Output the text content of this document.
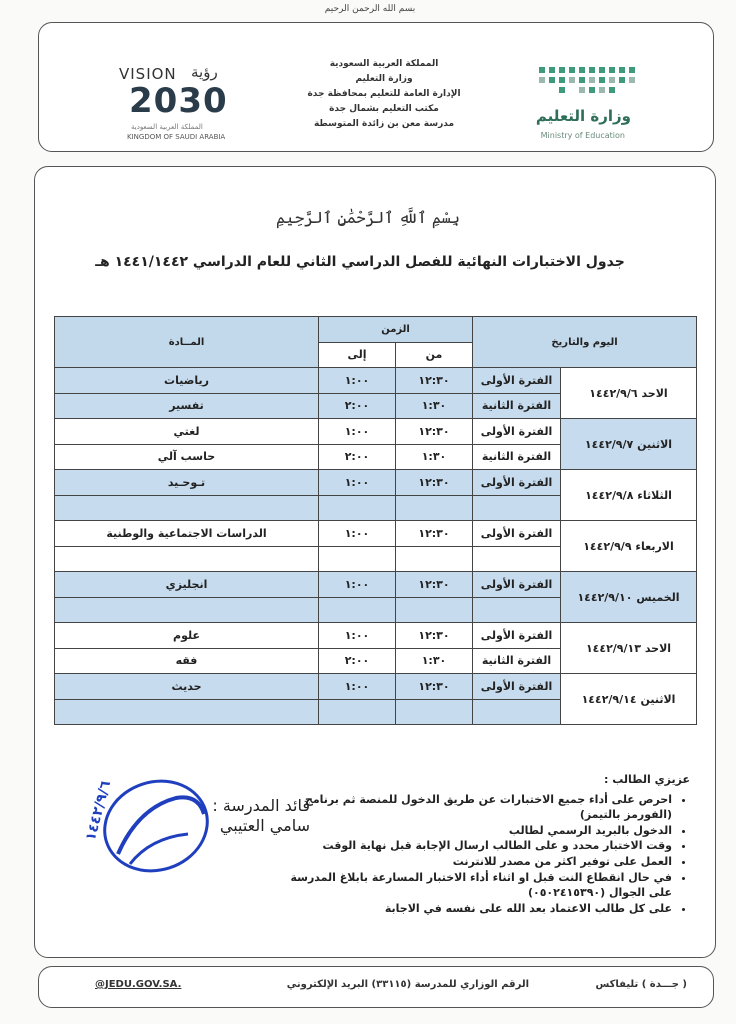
بسم الله الرحمن الرحيم
VISION رؤية
2030
المملكة العربية السعودية
KINGDOM OF SAUDI ARABIA
المملكة العربية السعودية
وزارة التعليم
الإدارة العامة للتعليم بمحافظة جدة
مكتب التعليم بشمال جدة
مدرسة معن بن زائدة المتوسطة	وزارة التعليم
Ministry of Education
بِسْمِ ٱللَّهِ ٱلرَّحْمَٰنِ ٱلرَّحِيمِ
جدول الاختبارات النهائية للفصل الدراسي الثاني للعام الدراسي ١٤٤١/١٤٤٢ هـ
المــادة	الزمن		اليوم والتاريخ	
	إلى	من		
رياضيات	١:٠٠	١٢:٣٠	الفترة الأولى	الاحد ١٤٤٢/٩/٦
تفسير	٢:٠٠	١:٣٠	الفترة الثانية	
لغتي	١:٠٠	١٢:٣٠	الفترة الأولى	الاثنين ١٤٤٢/٩/٧
حاسب آلي	٢:٠٠	١:٣٠	الفترة الثانية	
تـوحـيد	١:٠٠	١٢:٣٠	الفترة الأولى	الثلاثاء ١٤٤٢/٩/٨

الدراسات الاجتماعية والوطنية	١:٠٠	١٢:٣٠	الفترة الأولى	الاربعاء ١٤٤٢/٩/٩

انجليزي	١:٠٠	١٢:٣٠	الفترة الأولى	الخميس ١٤٤٢/٩/١٠

علوم	١:٠٠	١٢:٣٠	الفترة الأولى	الاحد ١٤٤٢/٩/١٣
فقه	٢:٠٠	١:٣٠	الفترة الثانية	
حديث	١:٠٠	١٢:٣٠	الفترة الأولى	الاثنين ١٤٤٢/٩/١٤

عزيزي الطالب :
• احرص على أداء جميع الاختبارات عن طريق الدخول للمنصة ثم برنامج (الفورمز بالتيمز)
• الدخول بالبريد الرسمي لطالب
• وقت الاختبار محدد و على الطالب ارسال الإجابة قبل نهاية الوقت
• العمل على توفير اكثر من مصدر للانترنت
• في حال انقطاع النت قبل او اثناء أداء الاختبار المسارعة بابلاغ المدرسة على الجوال (٠٥٠٢٤١٥٣٩٠)
• على كل طالب الاعتماد بعد الله على نفسه في الاجابة
قائد المدرسة :
سامي العتيبي
١٤٤٢/٩/٦
@JEDU.GOV.SA.	الرقم الوزاري للمدرسة (٣٣١١٥) البريد الإلكتروني	( جـــدة ) تليفاكس
